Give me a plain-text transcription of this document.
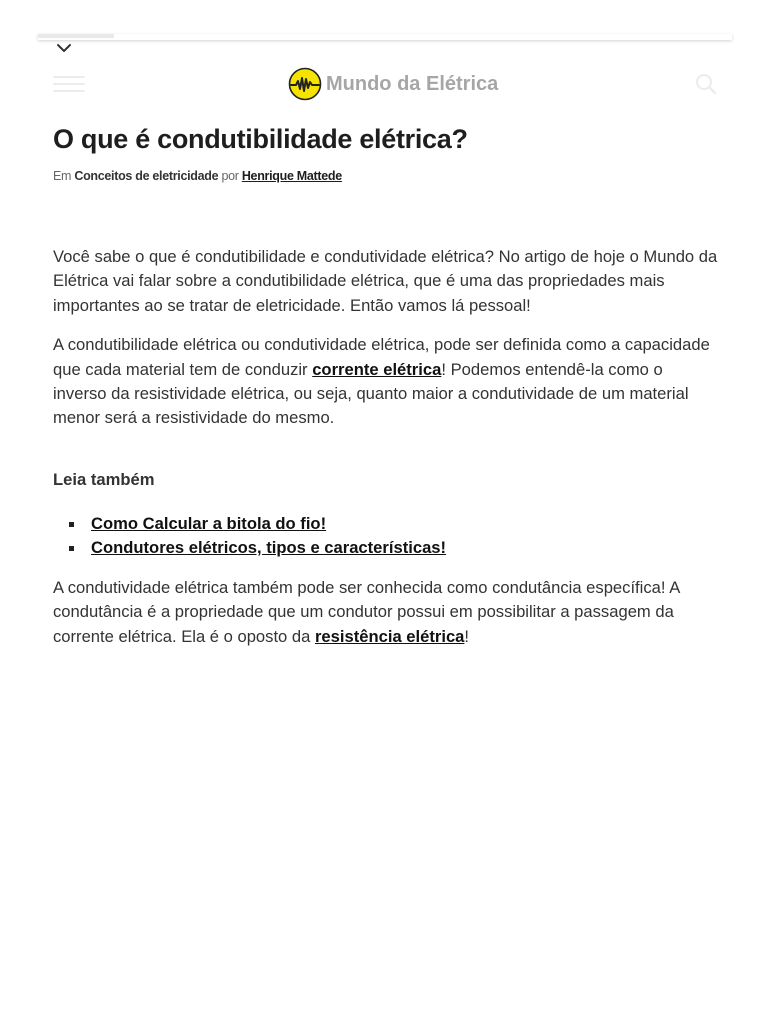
Mundo da Elétrica
O que é condutibilidade elétrica?
Em Conceitos de eletricidade por Henrique Mattede

Você sabe o que é condutibilidade e condutividade elétrica? No artigo de hoje o Mundo da Elétrica vai falar sobre a condutibilidade elétrica, que é uma das propriedades mais importantes ao se tratar de eletricidade. Então vamos lá pessoal!

A condutibilidade elétrica ou condutividade elétrica, pode ser definida como a capacidade que cada material tem de conduzir corrente elétrica! Podemos entendê-la como o inverso da resistividade elétrica, ou seja, quanto maior a condutividade de um material menor será a resistividade do mesmo.

Leia também

Como Calcular a bitola do fio!
Condutores elétricos, tipos e características!

A condutividade elétrica também pode ser conhecida como condutância específica! A condutância é a propriedade que um condutor possui em possibilitar a passagem da corrente elétrica. Ela é o oposto da resistência elétrica!
